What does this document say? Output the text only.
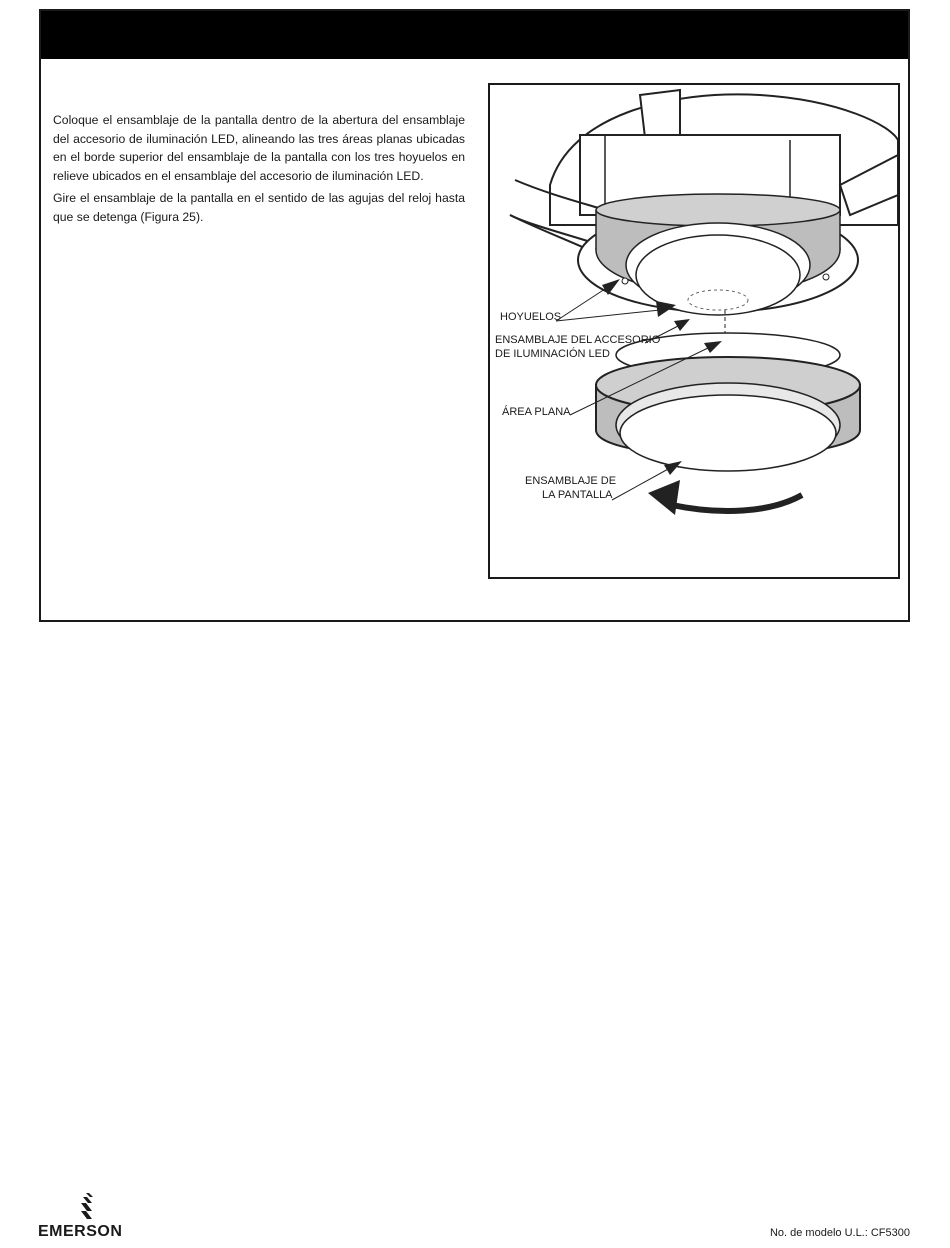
Coloque el ensamblaje de la pantalla dentro de la abertura del ensamblaje del accesorio de iluminación LED, alineando las tres áreas planas ubicadas en el borde superior del ensamblaje de la pantalla con los tres hoyuelos en relieve ubicados en el ensamblaje del accesorio de iluminación LED.

Gire el ensamblaje de la pantalla en el sentido de las agujas del reloj hasta que se detenga (Figura 25).

HOYUELOS
ENSAMBLAJE DEL ACCESORIO
DE ILUMINACIÓN LED
ÁREA PLANA
ENSAMBLAJE DE
LA PANTALLA
EMERSON	No. de modelo U.L.: CF5300
